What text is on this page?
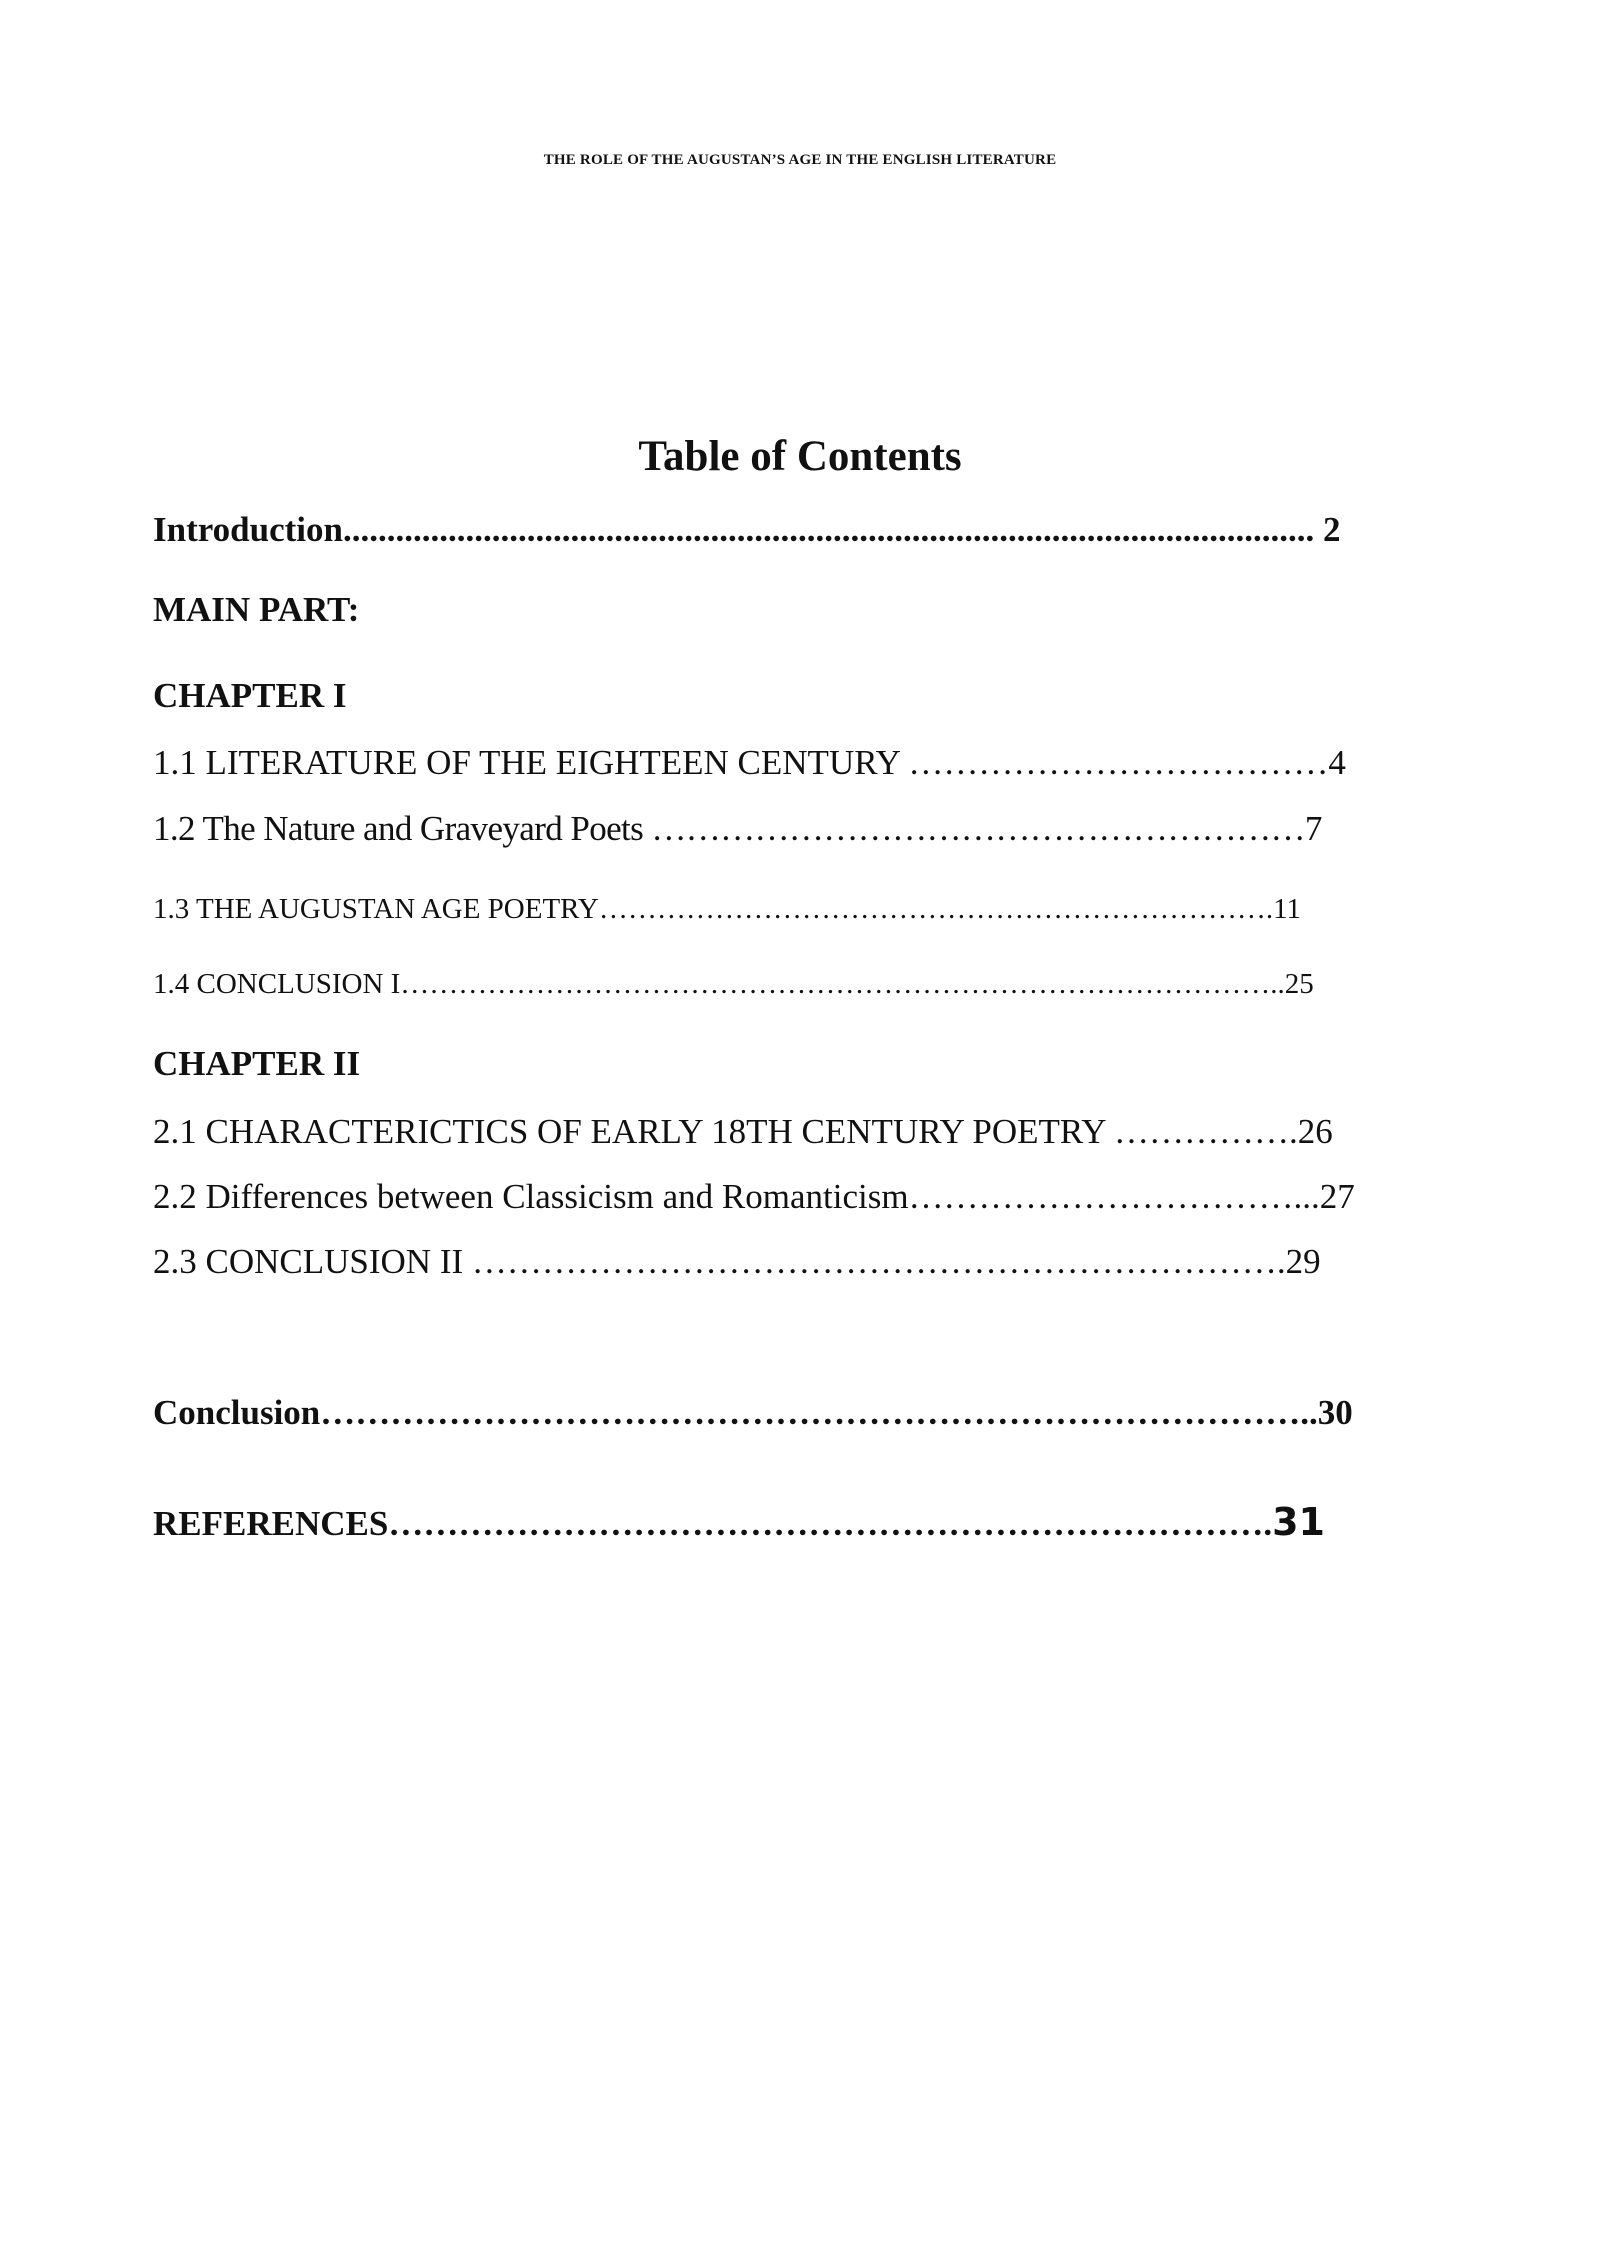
THE ROLE OF THE AUGUSTAN’S AGE IN THE ENGLISH LITERATURE
Table of Contents
Introduction............................................................................................................... 2
MAIN PART:
CHAPTER I
1.1 LITERATURE OF THE EIGHTEEN CENTURY ………………………………4
1.2 The Nature and Graveyard Poets …………………………………………………7
1.3 THE AUGUSTAN AGE POETRY…………………………………………………………….11
1.4 CONCLUSION I………………………………………………………………………………..25
CHAPTER II
2.1 CHARACTERICTICS OF EARLY 18TH CENTURY POETRY …………….26
2.2 Differences between Classicism and Romanticism……………………………...27
2.3 CONCLUSION II …………………………………………………………….29
Conclusion…………………………………………………………………………..30
REFERENCES………………………………………………………………….31
